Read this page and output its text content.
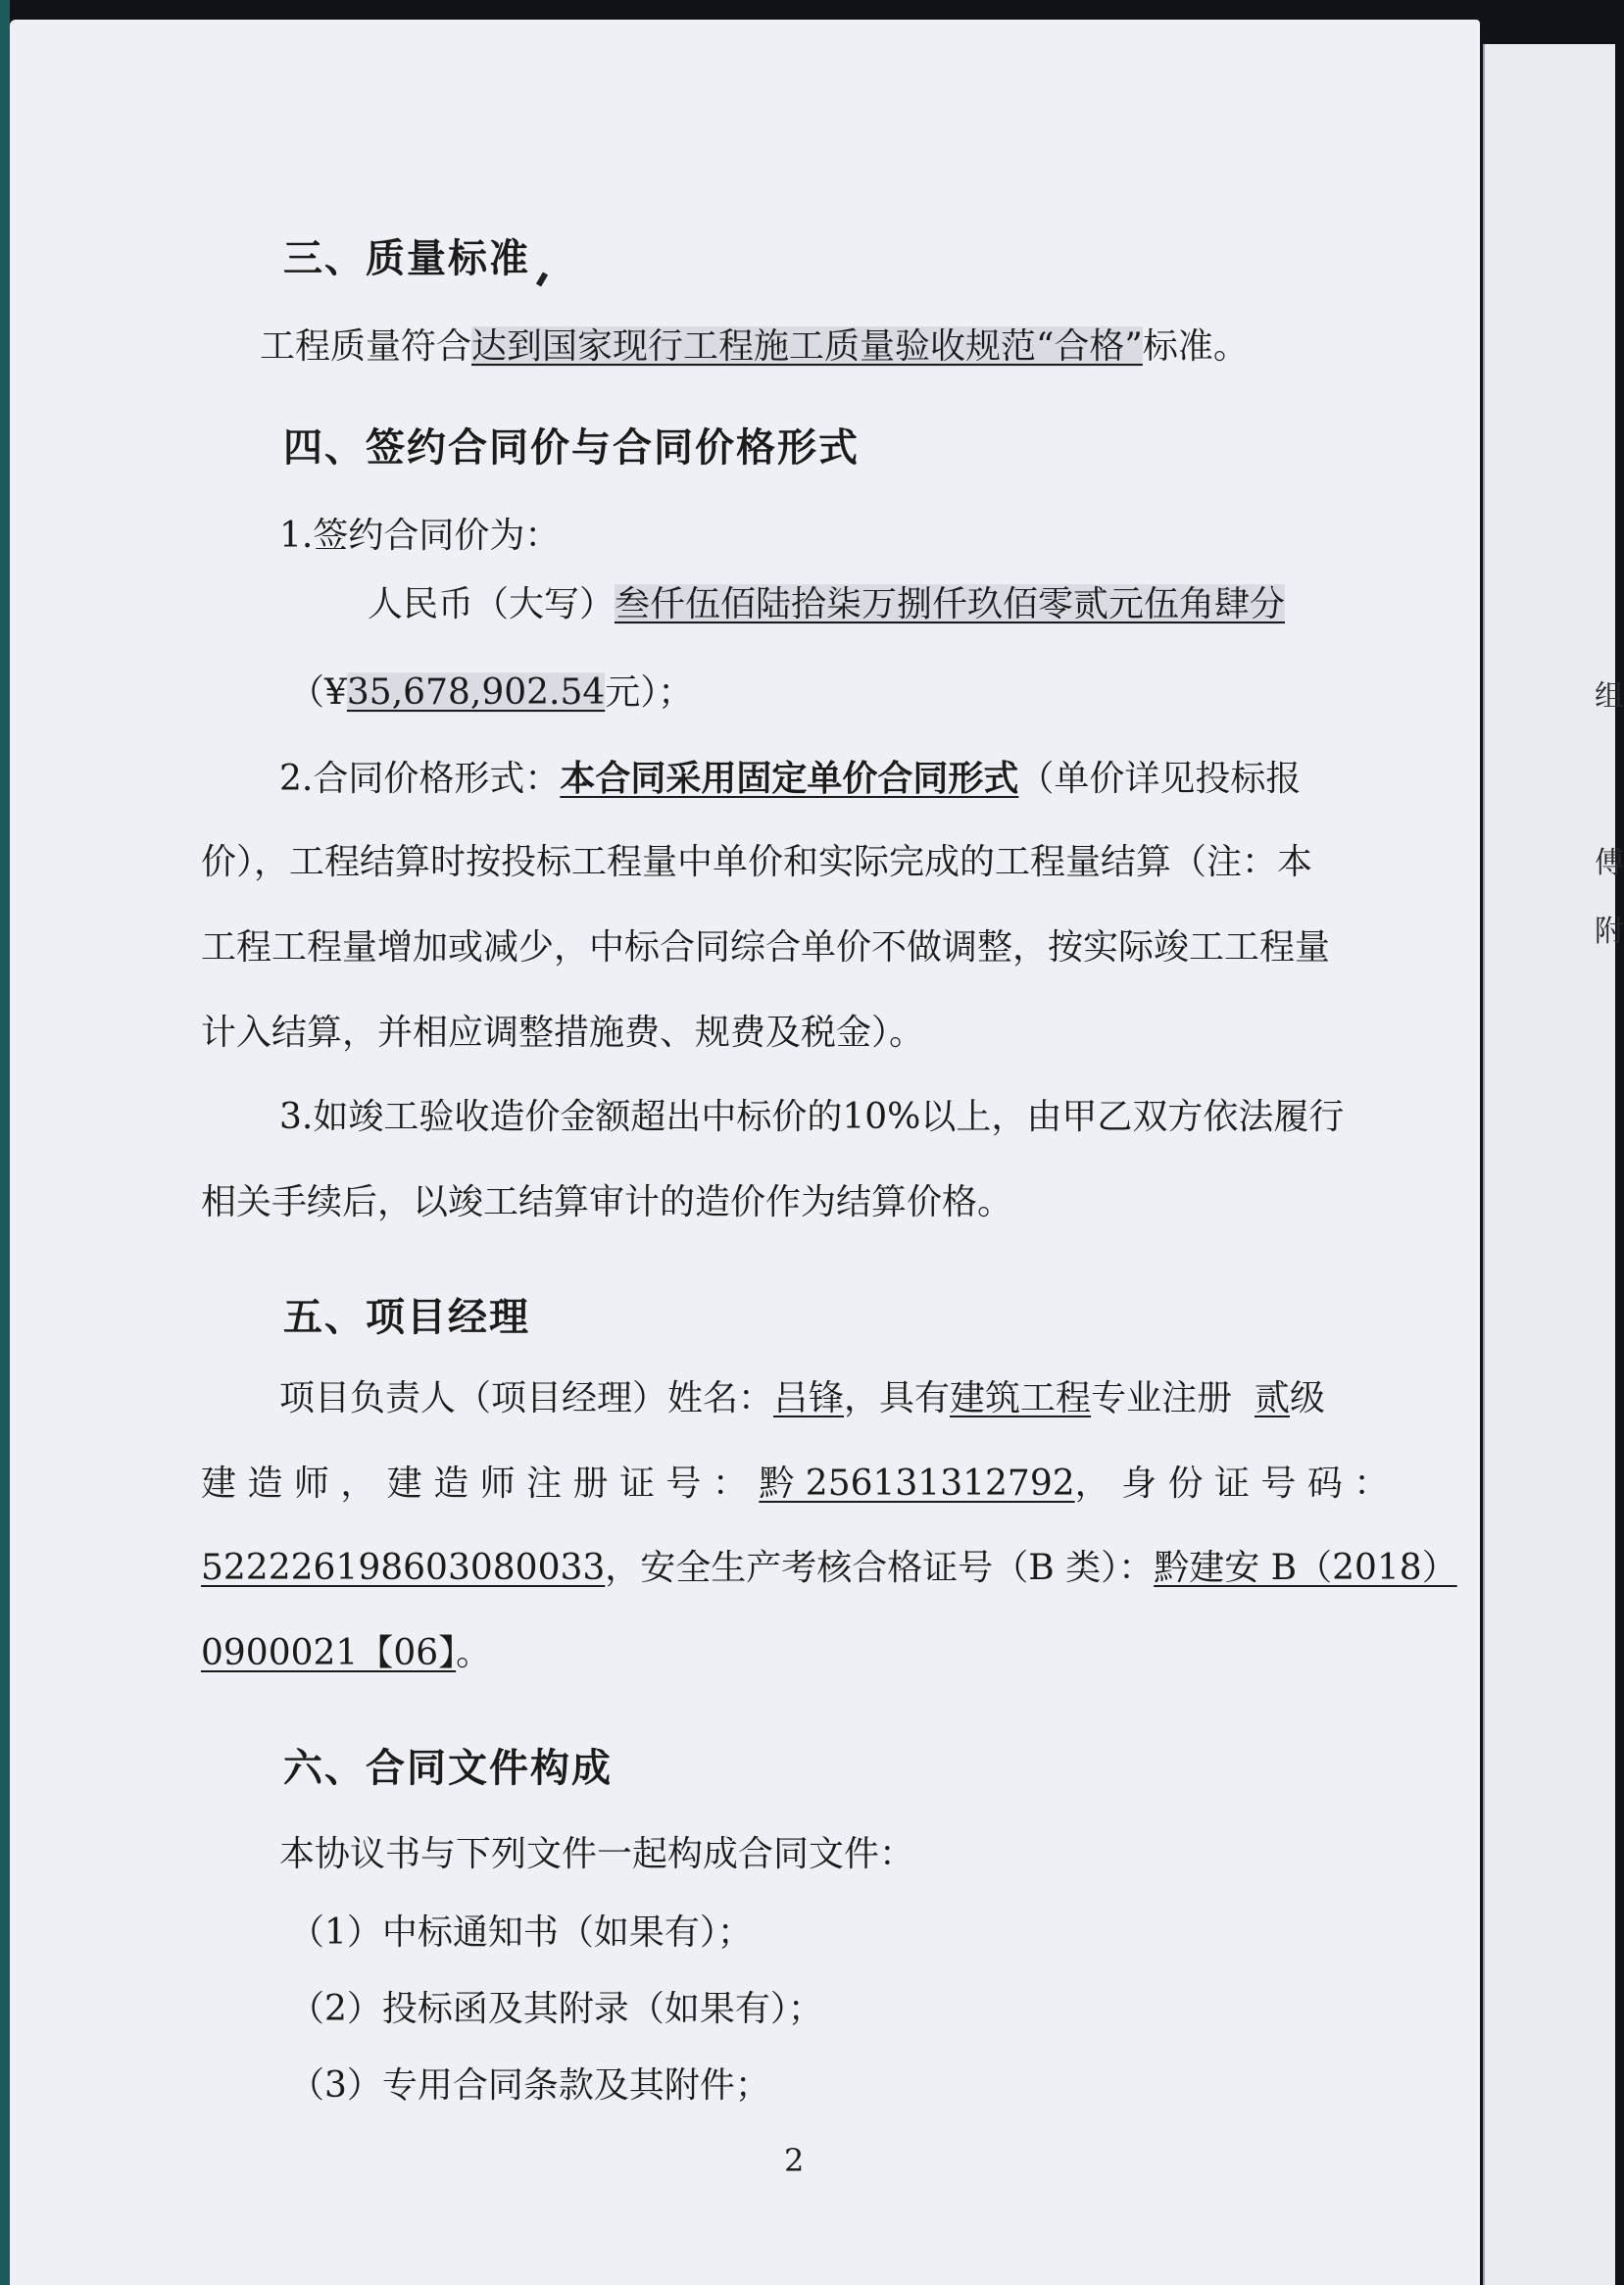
三、质量标准
工程质量符合达到国家现行工程施工质量验收规范“合格”标准。
四、签约合同价与合同价格形式
1.签约合同价为：
人民币（大写）叁仟伍佰陆拾柒万捌仟玖佰零贰元伍角肆分
（¥35,678,902.54元）；
2.合同价格形式：本合同采用固定单价合同形式（单价详见投标报
价），工程结算时按投标工程量中单价和实际完成的工程量结算（注：本
工程工程量增加或减少，中标合同综合单价不做调整，按实际竣工工程量
计入结算，并相应调整措施费、规费及税金）。
3.如竣工验收造价金额超出中标价的10%以上，由甲乙双方依法履行
相关手续后，以竣工结算审计的造价作为结算价格。
五、项目经理
项目负责人（项目经理）姓名：吕锋，具有建筑工程专业注册 贰级
建 造 师 ， 建 造 师 注 册 证 号 ： 黔 256131312792， 身 份 证 号 码 ：
522226198603080033，安全生产考核合格证号（B 类）：黔建安 B（2018）
0900021【06】。
六、合同文件构成
本协议书与下列文件一起构成合同文件：
（1）中标通知书（如果有）；
（2）投标函及其附录（如果有）；
（3）专用合同条款及其附件；
2
组
傅
附
